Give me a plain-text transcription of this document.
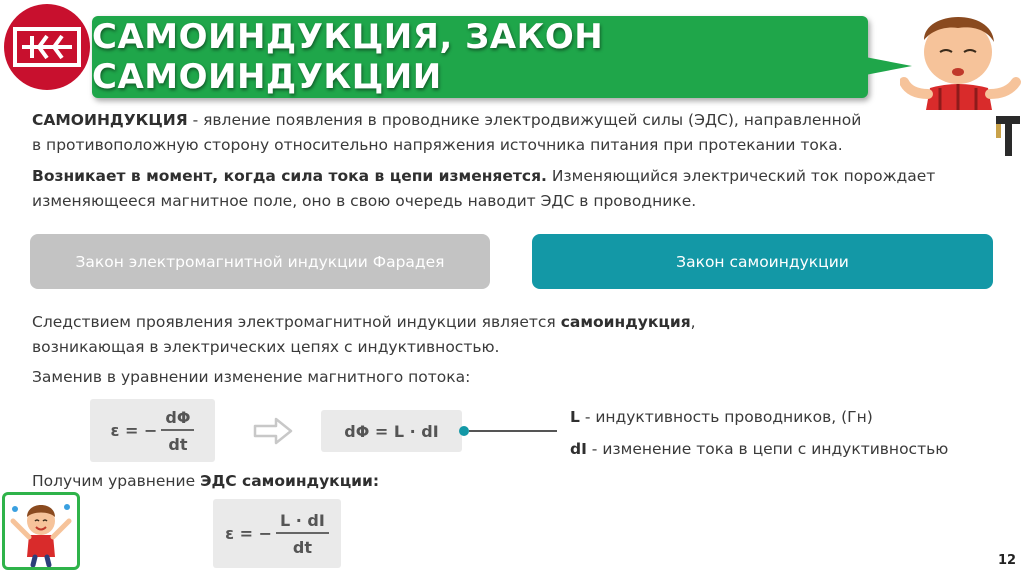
САМОИНДУКЦИЯ, ЗАКОН САМОИНДУКЦИИ
САМОИНДУКЦИЯ - явление появления в проводнике электродвижущей силы (ЭДС), направленной
в противоположную сторону относительно напряжения источника питания при протекании тока.
Возникает в момент, когда сила тока в цепи изменяется. Изменяющийся электрический ток порождает
изменяющееся магнитное поле, оно в свою очередь наводит ЭДС в проводнике.
Закон электромагнитной индукции Фарадея	Закон самоиндукции
Следствием проявления электромагнитной индукции является самоиндукция,
возникающая в электрических цепях с индуктивностью.
Заменив в уравнении изменение магнитного потока:
ε = − $\frac{d\Phi}{dt}$	dΦ = L · dI
L - индуктивность проводников, (Гн)
dI - изменение тока в цепи с индуктивностью
Получим уравнение ЭДС самоиндукции:
ε = − $\frac{L \cdot dI}{dt}$
12
